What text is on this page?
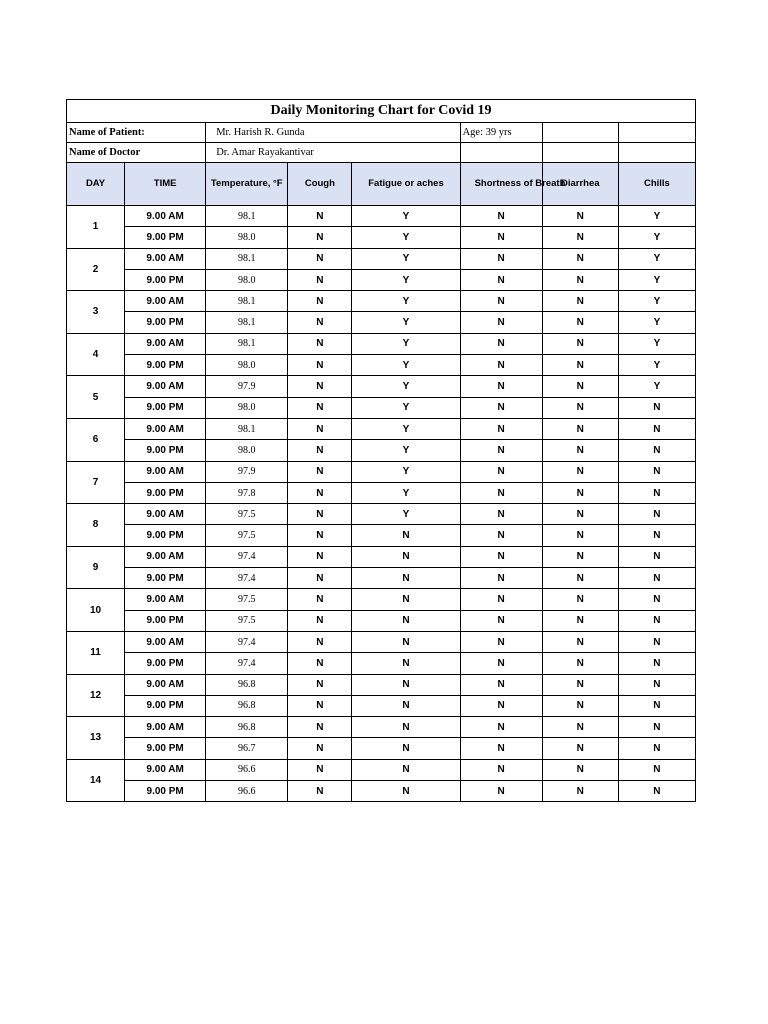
Daily Monitoring Chart for Covid 19							
Name of Patient:		Mr. Harish R. Gunda			Age: 39 yrs		

Name of Doctor		Dr. Amar Rayakantivar					
DAY	TIME	Temperature, °F	Cough	Fatigue or aches	Shortness of Breath	Diarrhea	Chills
1	9.00 AM	98.1	N	Y	N	N	Y
	9.00 PM	98.0	N	Y	N	N	Y
2	9.00 AM	98.1	N	Y	N	N	Y
	9.00 PM	98.0	N	Y	N	N	Y
3	9.00 AM	98.1	N	Y	N	N	Y
	9.00 PM	98.1	N	Y	N	N	Y
4	9.00 AM	98.1	N	Y	N	N	Y
	9.00 PM	98.0	N	Y	N	N	Y
5	9.00 AM	97.9	N	Y	N	N	Y
	9.00 PM	98.0	N	Y	N	N	N
6	9.00 AM	98.1	N	Y	N	N	N
	9.00 PM	98.0	N	Y	N	N	N
7	9.00 AM	97.9	N	Y	N	N	N
	9.00 PM	97.8	N	Y	N	N	N
8	9.00 AM	97.5	N	Y	N	N	N
	9.00 PM	97.5	N	N	N	N	N
9	9.00 AM	97.4	N	N	N	N	N
	9.00 PM	97.4	N	N	N	N	N
10	9.00 AM	97.5	N	N	N	N	N
	9.00 PM	97.5	N	N	N	N	N
11	9.00 AM	97.4	N	N	N	N	N
	9.00 PM	97.4	N	N	N	N	N
12	9.00 AM	96.8	N	N	N	N	N
	9.00 PM	96.8	N	N	N	N	N
13	9.00 AM	96.8	N	N	N	N	N
	9.00 PM	96.7	N	N	N	N	N
14	9.00 AM	96.6	N	N	N	N	N
	9.00 PM	96.6	N	N	N	N	N
